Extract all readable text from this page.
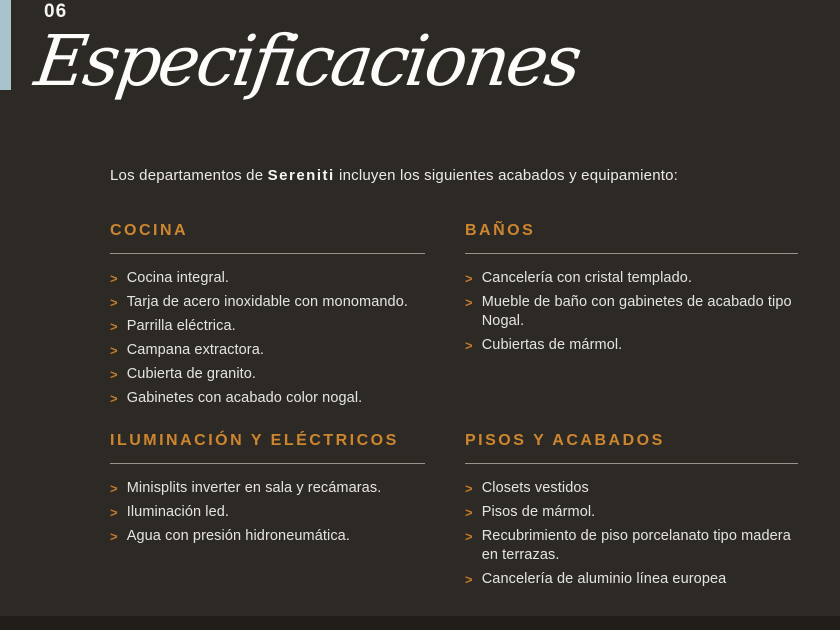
06
Especificaciones
Los departamentos de Sereniti incluyen los siguientes acabados y equipamiento:
COCINA
> Cocina integral.
> Tarja de acero inoxidable con monomando.
> Parrilla eléctrica.
> Campana extractora.
> Cubierta de granito.
> Gabinetes con acabado color nogal.
BAÑOS
> Cancelería con cristal templado.
> Mueble de baño con gabinetes de acabado tipo Nogal.
> Cubiertas de mármol.
ILUMINACIÓN Y ELÉCTRICOS
> Minisplits inverter en sala y recámaras.
> Iluminación led.
> Agua con presión hidroneumática.
PISOS Y ACABADOS
> Closets vestidos
> Pisos de mármol.
> Recubrimiento de piso porcelanato tipo madera en terrazas.
> Cancelería de aluminio línea europea
